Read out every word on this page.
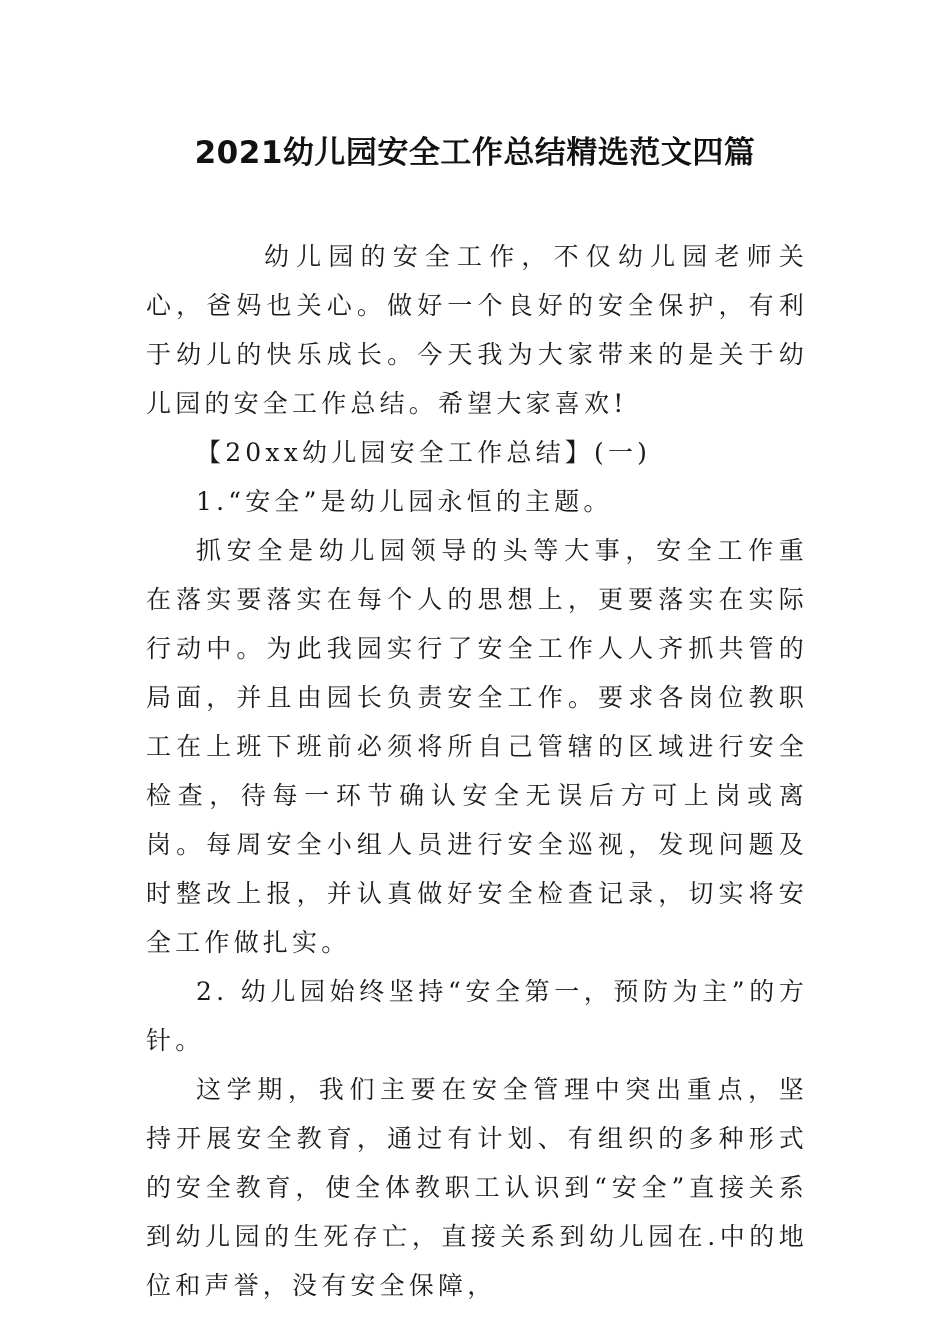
2021幼儿园安全工作总结精选范文四篇

幼儿园的安全工作，不仅幼儿园老师关心，爸妈也关心。做好一个良好的安全保护，有利于幼儿的快乐成长。今天我为大家带来的是关于幼儿园的安全工作总结。希望大家喜欢!

【20xx幼儿园安全工作总结】(一)

1.“安全”是幼儿园永恒的主题。

抓安全是幼儿园领导的头等大事，安全工作重在落实要落实在每个人的思想上，更要落实在实际行动中。为此我园实行了安全工作人人齐抓共管的局面，并且由园长负责安全工作。要求各岗位教职工在上班下班前必须将所自己管辖的区域进行安全检查，待每一环节确认安全无误后方可上岗或离岗。每周安全小组人员进行安全巡视，发现问题及时整改上报，并认真做好安全检查记录，切实将安全工作做扎实。

2. 幼儿园始终坚持“安全第一，预防为主”的方针。

这学期，我们主要在安全管理中突出重点，坚持开展安全教育，通过有计划、有组织的多种形式的安全教育，使全体教职工认识到“安全”直接关系到幼儿园的生死存亡，直接关系到幼儿园在.中的地位和声誉，没有安全保障，
